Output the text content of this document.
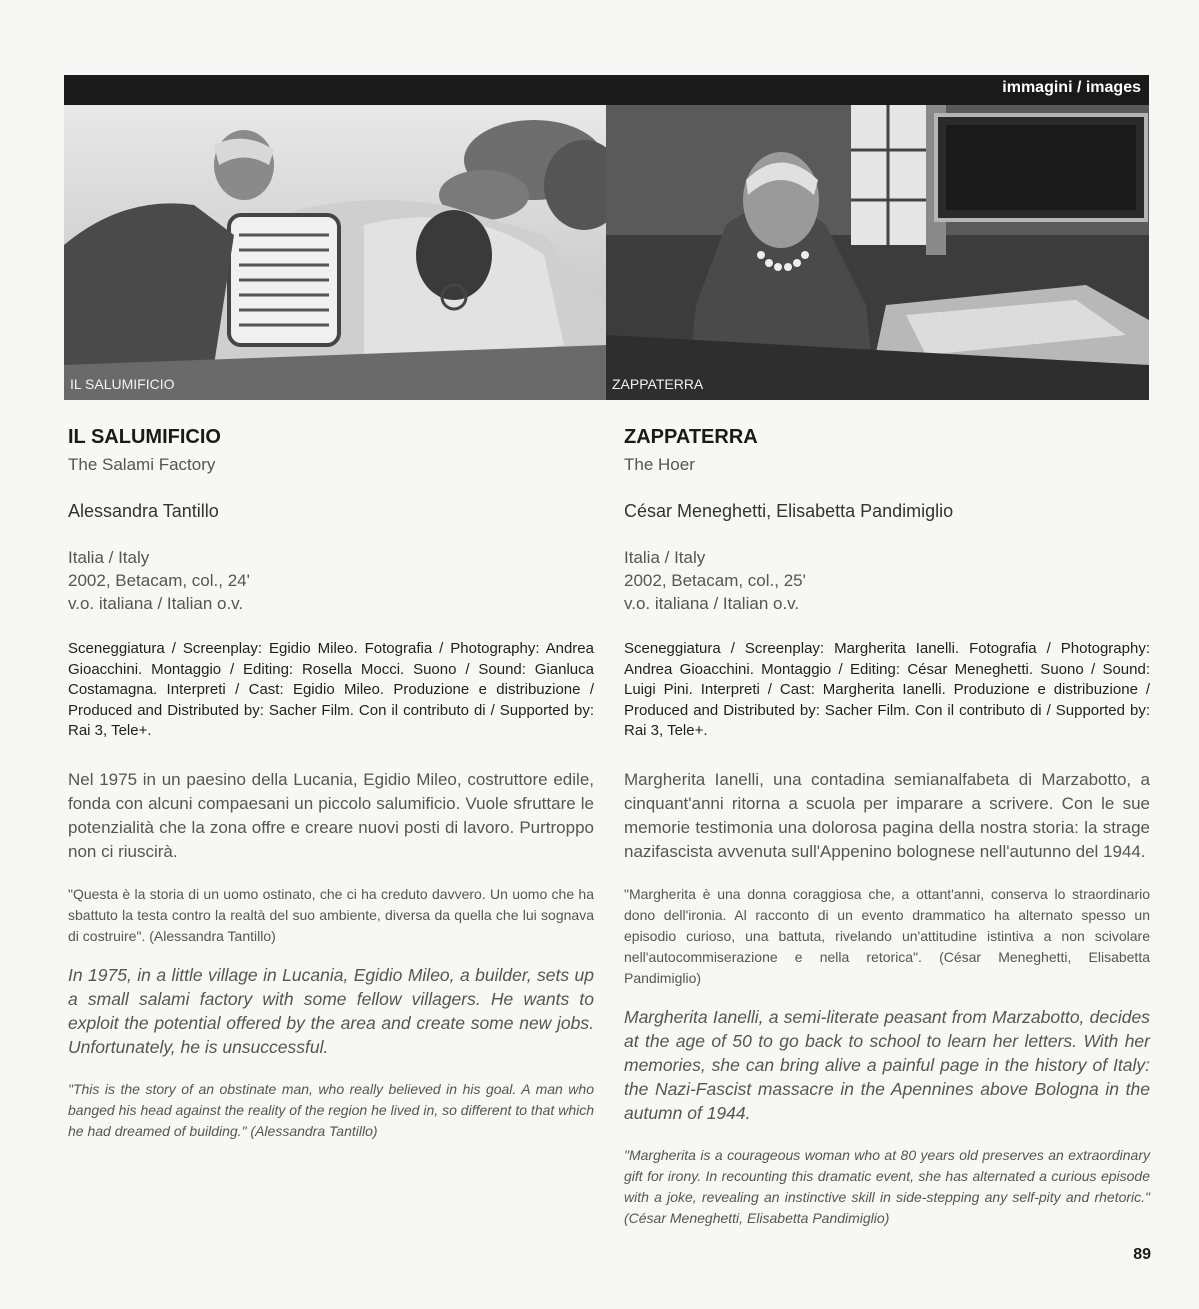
immagini / images
IL SALUMIFICIO	ZAPPATERRA
IL SALUMIFICIO
The Salami Factory
Alessandra Tantillo
Italia / Italy
2002, Betacam, col., 24'
v.o. italiana / Italian o.v.
Sceneggiatura / Screenplay: Egidio Mileo. Fotografia / Photography: Andrea Gioacchini. Montaggio / Editing: Rosella Mocci. Suono / Sound: Gianluca Costamagna. Interpreti / Cast: Egidio Mileo. Produzione e distribuzione / Produced and Distributed by: Sacher Film. Con il contributo di / Supported by: Rai 3, Tele+.
Nel 1975 in un paesino della Lucania, Egidio Mileo, costruttore edile, fonda con alcuni compaesani un piccolo salumificio. Vuole sfruttare le potenzialità che la zona offre e creare nuovi posti di lavoro. Purtroppo non ci riuscirà.
"Questa è la storia di un uomo ostinato, che ci ha creduto davvero. Un uomo che ha sbattuto la testa contro la realtà del suo ambiente, diversa da quella che lui sognava di costruire". (Alessandra Tantillo)
In 1975, in a little village in Lucania, Egidio Mileo, a builder, sets up a small salami factory with some fellow villagers. He wants to exploit the potential offered by the area and create some new jobs. Unfortunately, he is unsuccessful.
"This is the story of an obstinate man, who really believed in his goal. A man who banged his head against the reality of the region he lived in, so different to that which he had dreamed of building." (Alessandra Tantillo)
ZAPPATERRA
The Hoer
César Meneghetti, Elisabetta Pandimiglio
Italia / Italy
2002, Betacam, col., 25'
v.o. italiana / Italian o.v.
Sceneggiatura / Screenplay: Margherita Ianelli. Fotografia / Photography: Andrea Gioacchini. Montaggio / Editing: César Meneghetti. Suono / Sound: Luigi Pini. Interpreti / Cast: Margherita Ianelli. Produzione e distribuzione / Produced and Distributed by: Sacher Film. Con il contributo di / Supported by: Rai 3, Tele+.
Margherita Ianelli, una contadina semianalfabeta di Marzabotto, a cinquant'anni ritorna a scuola per imparare a scrivere. Con le sue memorie testimonia una dolorosa pagina della nostra storia: la strage nazifascista avvenuta sull'Appenino bolognese nell'autunno del 1944.
"Margherita è una donna coraggiosa che, a ottant'anni, conserva lo straordinario dono dell'ironia. Al racconto di un evento drammatico ha alternato spesso un episodio curioso, una battuta, rivelando un'attitudine istintiva a non scivolare nell'autocommiserazione e nella retorica". (César Meneghetti, Elisabetta Pandimiglio)
Margherita Ianelli, a semi-literate peasant from Marzabotto, decides at the age of 50 to go back to school to learn her letters. With her memories, she can bring alive a painful page in the history of Italy: the Nazi-Fascist massacre in the Apennines above Bologna in the autumn of 1944.
"Margherita is a courageous woman who at 80 years old preserves an extraordinary gift for irony. In recounting this dramatic event, she has alternated a curious episode with a joke, revealing an instinctive skill in side-stepping any self-pity and rhetoric." (César Meneghetti, Elisabetta Pandimiglio)
89
